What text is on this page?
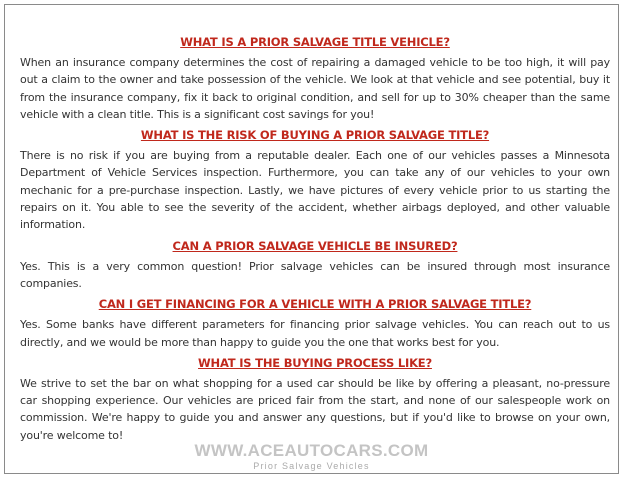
WHAT IS A PRIOR SALVAGE TITLE VEHICLE?

When an insurance company determines the cost of repairing a damaged vehicle to be too high, it will pay out a claim to the owner and take possession of the vehicle. We look at that vehicle and see potential, buy it from the insurance company, fix it back to original condition, and sell for up to 30% cheaper than the same vehicle with a clean title. This is a significant cost savings for you!

WHAT IS THE RISK OF BUYING A PRIOR SALVAGE TITLE?

There is no risk if you are buying from a reputable dealer. Each one of our vehicles passes a Minnesota Department of Vehicle Services inspection. Furthermore, you can take any of our vehicles to your own mechanic for a pre-purchase inspection. Lastly, we have pictures of every vehicle prior to us starting the repairs on it. You able to see the severity of the accident, whether airbags deployed, and other valuable information.

CAN A PRIOR SALVAGE VEHICLE BE INSURED?

Yes. This is a very common question! Prior salvage vehicles can be insured through most insurance companies.

CAN I GET FINANCING FOR A VEHICLE WITH A PRIOR SALVAGE TITLE?

Yes. Some banks have different parameters for financing prior salvage vehicles. You can reach out to us directly, and we would be more than happy to guide you the one that works best for you.

WHAT IS THE BUYING PROCESS LIKE?

We strive to set the bar on what shopping for a used car should be like by offering a pleasant, no-pressure car shopping experience. Our vehicles are priced fair from the start, and none of our salespeople work on commission. We're happy to guide you and answer any questions, but if you'd like to browse on your own, you're welcome to!

WWW.ACEAUTOCARS.COM
Prior Salvage Vehicles
